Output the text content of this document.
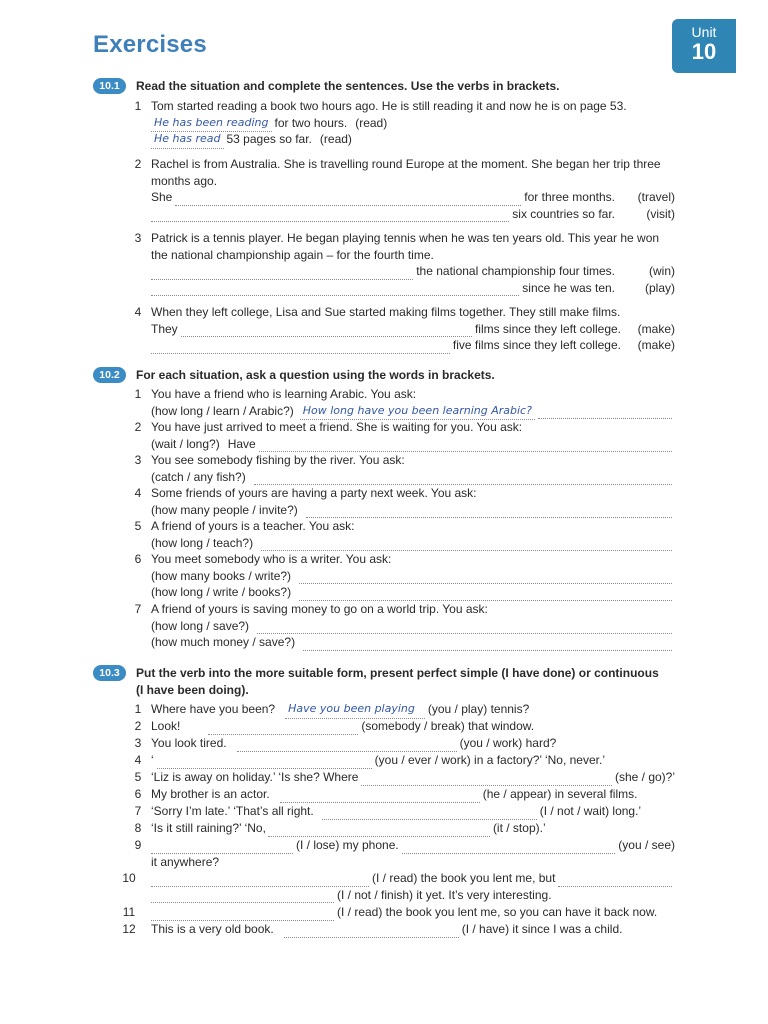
Exercises	Unit
10
10.1	Read the situation and complete the sentences. Use the verbs in brackets.
1 Tom started reading a book two hours ago. He is still reading it and now he is on page 53.
He has been reading for two hours. (read)
He has read 53 pages so far. (read)
2 Rachel is from Australia. She is travelling round Europe at the moment. She began her trip three
months ago.
She	for three months.	(travel)
six countries so far.	(visit)
3 Patrick is a tennis player. He began playing tennis when he was ten years old. This year he won
the national championship again – for the fourth time.
the national championship four times.	(win)
since he was ten.	(play)
4 When they left college, Lisa and Sue started making films together. They still make films.
They	films since they left college.	(make)
five films since they left college.	(make)
10.2	For each situation, ask a question using the words in brackets.
1 You have a friend who is learning Arabic. You ask:
(how long / learn / Arabic?) How long have you been learning Arabic?
2 You have just arrived to meet a friend. She is waiting for you. You ask:
(wait / long?) Have
3 You see somebody fishing by the river. You ask:
(catch / any fish?)
4 Some friends of yours are having a party next week. You ask:
(how many people / invite?)
5 A friend of yours is a teacher. You ask:
(how long / teach?)
6 You meet somebody who is a writer. You ask:
(how many books / write?)
(how long / write / books?)
7 A friend of yours is saving money to go on a world trip. You ask:
(how long / save?)
(how much money / save?)
10.3	Put the verb into the more suitable form, present perfect simple (I have done) or continuous
(I have been doing).
1 Where have you been? Have you been playing	(you / play) tennis?
2 Look!	(somebody / break) that window.
3 You look tired.	(you / work) hard?
4 ‘	(you / ever / work) in a factory?’ ‘No, never.’
5 ‘Liz is away on holiday.’ ‘Is she? Where	(she / go)?’
6 My brother is an actor.	(he / appear) in several films.
7 ‘Sorry I’m late.’ ‘That’s all right.	(I / not / wait) long.’
8 ‘Is it still raining?’ ‘No,	(it / stop).’
9	(I / lose) my phone.	(you / see)
it anywhere?
10	(I / read) the book you lent me, but
(I / not / finish) it yet. It’s very interesting.
11	(I / read) the book you lent me, so you can have it back now.
12	This is a very old book.	(I / have) it since I was a child.
